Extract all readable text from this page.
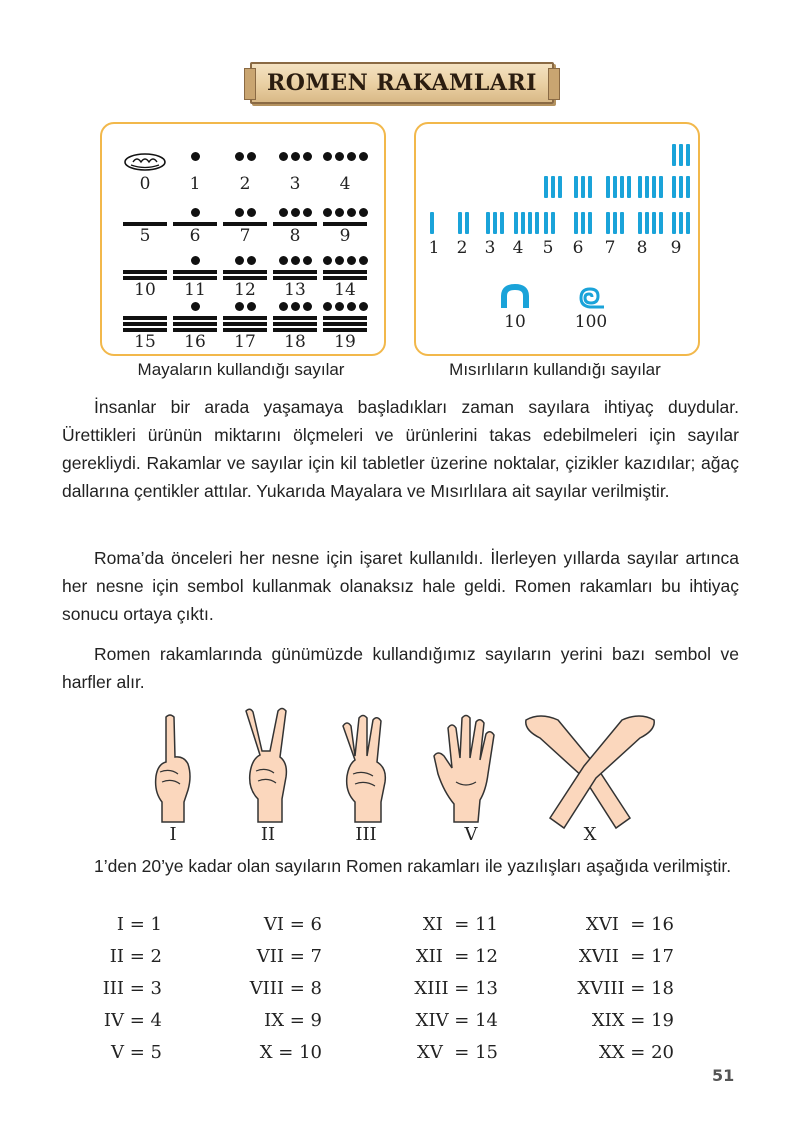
ROMEN RAKAMLARI
0	1	2	3	4
5	6	7	8	9
10	11	12	13	14
15	16	17	18	19
Mayaların kullandığı sayılar
1 2 3 4 5 6 7 8 9
10	100
Mısırlıların kullandığı sayılar

İnsanlar bir arada yaşamaya başladıkları zaman sayılara ihtiyaç duydular. Ürettikleri ürünün miktarını ölçmeleri ve ürünlerini takas edebilmeleri için sayılar gerekliydi. Rakamlar ve sayılar için kil tabletler üzerine noktalar, çizikler kazıdılar; ağaç dallarına çentikler attılar. Yukarıda Mayalara ve Mısırlılara ait sayılar verilmiştir.

Roma’da önceleri her nesne için işaret kullanıldı. İlerleyen yıllarda sayılar artınca her nesne için sembol kullanmak olanaksız hale geldi. Romen rakamları bu ihtiyaç sonucu ortaya çıktı.

Romen rakamlarında günümüzde kullandığımız sayıların yerini bazı sembol ve harfler alır.

I	II	III	V	X

1’den 20’ye kadar olan sayıların Romen rakamları ile yazılışları aşağıda verilmiştir.

I = 1	VI = 6	XI  = 11	XVI  = 16
II = 2	VII = 7	XII  = 12	XVII  = 17
III = 3	VIII = 8	XIII = 13	XVIII = 18
IV = 4	IX = 9	XIV = 14	XIX = 19
V = 5	X = 10	XV  = 15	XX = 20
51
